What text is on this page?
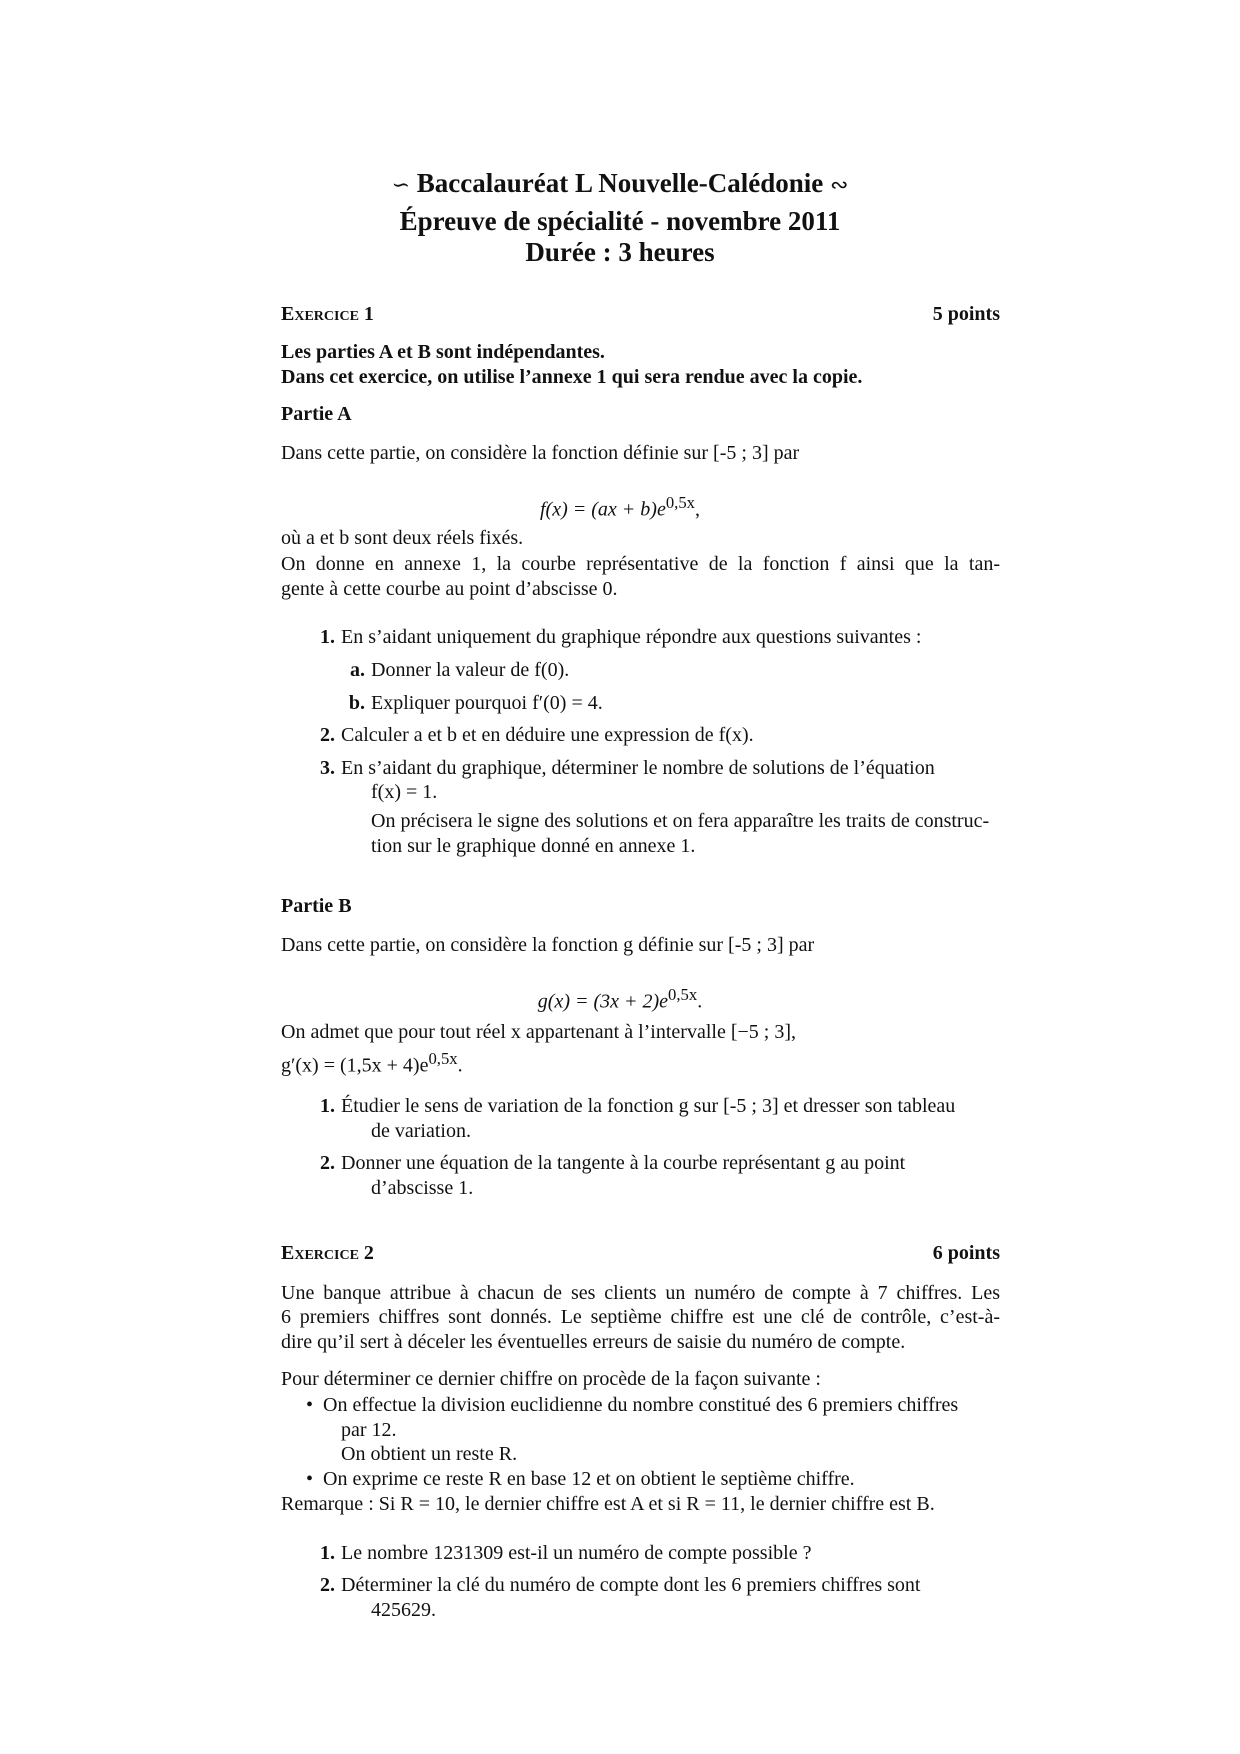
∽ Baccalauréat L Nouvelle-Calédonie ∾
Épreuve de spécialité - novembre 2011
Durée : 3 heures
Exercice 1	5 points
Les parties A et B sont indépendantes.
Dans cet exercice, on utilise l’annexe 1 qui sera rendue avec la copie.
Partie A
Dans cette partie, on considère la fonction définie sur [-5 ; 3] par
$f(x) = (ax + b)e^{0,5x}$,
où a et b sont deux réels fixés.
On donne en annexe 1, la courbe représentative de la fonction f ainsi que la tan-
gente à cette courbe au point d’abscisse 0.
1. En s’aidant uniquement du graphique répondre aux questions suivantes :
a. Donner la valeur de f(0).
b. Expliquer pourquoi f′(0) = 4.
2. Calculer a et b et en déduire une expression de f(x).
3. En s’aidant du graphique, déterminer le nombre de solutions de l’équation
f(x) = 1.
On précisera le signe des solutions et on fera apparaître les traits de construc-
tion sur le graphique donné en annexe 1.
Partie B
Dans cette partie, on considère la fonction g définie sur [-5 ; 3] par
$g(x) = (3x + 2)e^{0,5x}$.
On admet que pour tout réel x appartenant à l’intervalle [−5 ; 3],
$g'(x) = (1,5x + 4)e^{0,5x}$.
1. Étudier le sens de variation de la fonction g sur [-5 ; 3] et dresser son tableau
de variation.
2. Donner une équation de la tangente à la courbe représentant g au point
d’abscisse 1.
Exercice 2	6 points
Une banque attribue à chacun de ses clients un numéro de compte à 7 chiffres. Les
6 premiers chiffres sont donnés. Le septième chiffre est une clé de contrôle, c’est-à-
dire qu’il sert à déceler les éventuelles erreurs de saisie du numéro de compte.
Pour déterminer ce dernier chiffre on procède de la façon suivante :
•  On effectue la division euclidienne du nombre constitué des 6 premiers chiffres
par 12.
On obtient un reste R.
•  On exprime ce reste R en base 12 et on obtient le septième chiffre.
Remarque : Si R = 10, le dernier chiffre est A et si R = 11, le dernier chiffre est B.
1. Le nombre 1231309 est-il un numéro de compte possible ?
2. Déterminer la clé du numéro de compte dont les 6 premiers chiffres sont
425629.
